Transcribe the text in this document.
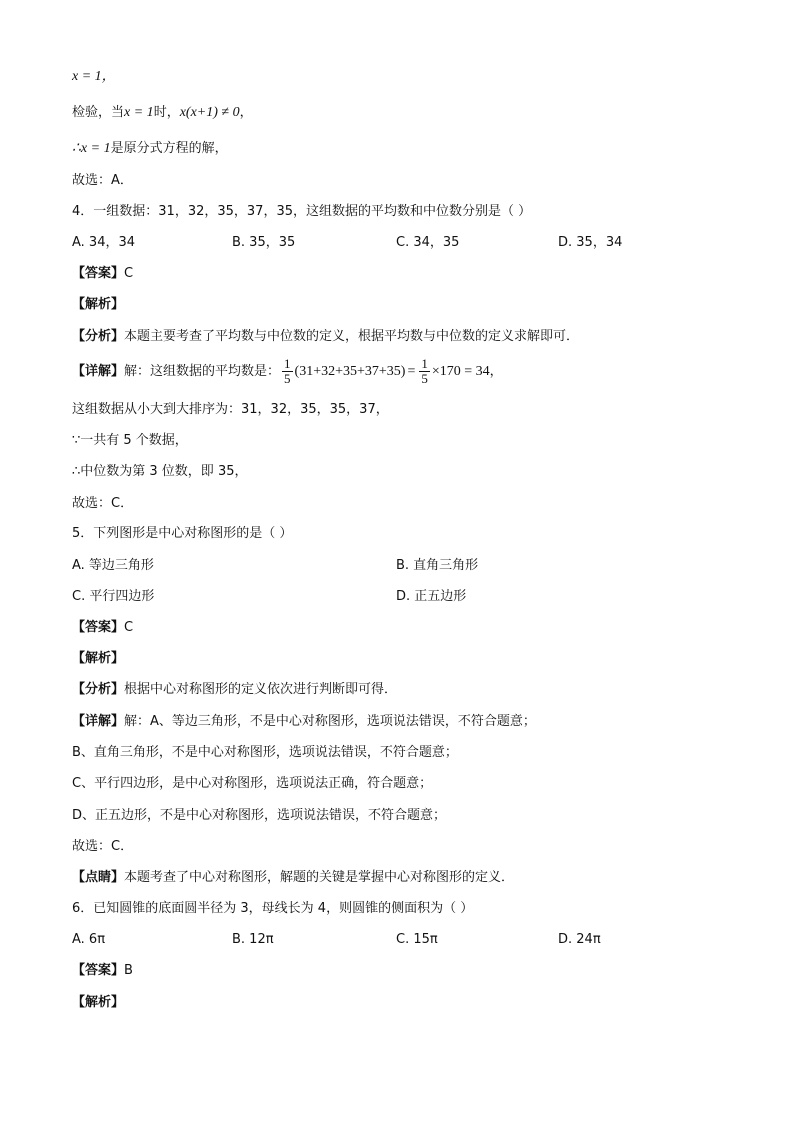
x = 1，
检验，当x = 1时，x(x+1) ≠ 0，
∴x = 1是原分式方程的解，
故选：A．
4．一组数据：31，32，35，37，35，这组数据的平均数和中位数分别是（ ）
A. 34，34	B. 35，35	C. 34，35	D. 35，34
【答案】C
【解析】
【分析】本题主要考查了平均数与中位数的定义，根据平均数与中位数的定义求解即可．
【详解】解：这组数据的平均数是： $\frac{1}{5} (31+32+35+37+35) = \frac{1}{5} \times 170 = 34$，
这组数据从小大到大排序为：31，32，35，35，37，
∵一共有 5 个数据，
∴中位数为第 3 位数，即 35，
故选：C．
5．下列图形是中心对称图形的是（ ）
A. 等边三角形	B. 直角三角形
C. 平行四边形	D. 正五边形
【答案】C
【解析】
【分析】根据中心对称图形的定义依次进行判断即可得．
【详解】解：A、等边三角形，不是中心对称图形，选项说法错误，不符合题意；
B、直角三角形，不是中心对称图形，选项说法错误，不符合题意；
C、平行四边形，是中心对称图形，选项说法正确，符合题意；
D、正五边形，不是中心对称图形，选项说法错误，不符合题意；
故选：C．
【点睛】本题考查了中心对称图形，解题的关键是掌握中心对称图形的定义．
6．已知圆锥的底面圆半径为 3，母线长为 4，则圆锥的侧面积为（ ）
A. 6π	B. 12π	C. 15π	D. 24π
【答案】B
【解析】
